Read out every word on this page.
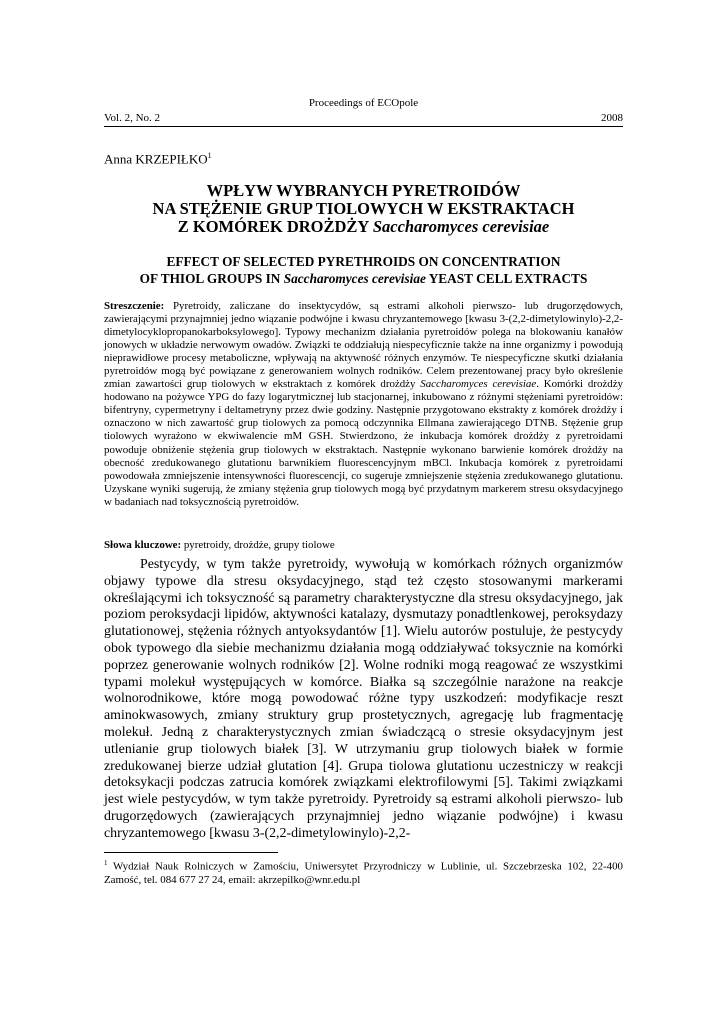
Proceedings of ECOpole
Vol. 2, No. 2	2008
Anna KRZEPIŁKO$^1$
WPŁYW WYBRANYCH PYRETROIDÓW
NA STĘŻENIE GRUP TIOLOWYCH W EKSTRAKTACH
Z KOMÓREK DROŻDŻY Saccharomyces cerevisiae
EFFECT OF SELECTED PYRETHROIDS ON CONCENTRATION
OF THIOL GROUPS IN Saccharomyces cerevisiae YEAST CELL EXTRACTS
Streszczenie: Pyretroidy, zaliczane do insektycydów, są estrami alkoholi pierwszo- lub drugorzędowych, zawierającymi przynajmniej jedno wiązanie podwójne i kwasu chryzantemowego [kwasu 3-(2,2-dimetylowinylo)-2,2-dimetylocyklopropanokarboksylowego]. Typowy mechanizm działania pyretroidów polega na blokowaniu kanałów jonowych w układzie nerwowym owadów. Związki te oddziałują niespecyficznie także na inne organizmy i powodują nieprawidłowe procesy metaboliczne, wpływają na aktywność różnych enzymów. Te niespecyficzne skutki działania pyretroidów mogą być powiązane z generowaniem wolnych rodników. Celem prezentowanej pracy było określenie zmian zawartości grup tiolowych w ekstraktach z komórek drożdży Saccharomyces cerevisiae. Komórki drożdży hodowano na pożywce YPG do fazy logarytmicznej lub stacjonarnej, inkubowano z różnymi stężeniami pyretroidów: bifentryny, cypermetryny i deltametryny przez dwie godziny. Następnie przygotowano ekstrakty z komórek drożdży i oznaczono w nich zawartość grup tiolowych za pomocą odczynnika Ellmana zawierającego DTNB. Stężenie grup tiolowych wyrażono w ekwiwalencie mM GSH. Stwierdzono, że inkubacja komórek drożdży z pyretroidami powoduje obniżenie stężenia grup tiolowych w ekstraktach. Następnie wykonano barwienie komórek drożdży na obecność zredukowanego glutationu barwnikiem fluorescencyjnym mBCl. Inkubacja komórek z pyretroidami powodowała zmniejszenie intensywności fluorescencji, co sugeruje zmniejszenie stężenia zredukowanego glutationu. Uzyskane wyniki sugerują, że zmiany stężenia grup tiolowych mogą być przydatnym markerem stresu oksydacyjnego w badaniach nad toksycznością pyretroidów.
Słowa kluczowe: pyretroidy, drożdże, grupy tiolowe
Pestycydy, w tym także pyretroidy, wywołują w komórkach różnych organizmów objawy typowe dla stresu oksydacyjnego, stąd też często stosowanymi markerami określającymi ich toksyczność są parametry charakterystyczne dla stresu oksydacyjnego, jak poziom peroksydacji lipidów, aktywności katalazy, dysmutazy ponadtlenkowej, peroksydazy glutationowej, stężenia różnych antyoksydantów [1]. Wielu autorów postuluje, że pestycydy obok typowego dla siebie mechanizmu działania mogą oddziaływać toksycznie na komórki poprzez generowanie wolnych rodników [2]. Wolne rodniki mogą reagować ze wszystkimi typami molekuł występujących w komórce. Białka są szczególnie narażone na reakcje wolnorodnikowe, które mogą powodować różne typy uszkodzeń: modyfikacje reszt aminokwasowych, zmiany struktury grup prostetycznych, agregację lub fragmentację molekuł. Jedną z charakterystycznych zmian świadczącą o stresie oksydacyjnym jest utlenianie grup tiolowych białek [3]. W utrzymaniu grup tiolowych białek w formie zredukowanej bierze udział glutation [4]. Grupa tiolowa glutationu uczestniczy w reakcji detoksykacji podczas zatrucia komórek związkami elektrofilowymi [5]. Takimi związkami jest wiele pestycydów, w tym także pyretroidy. Pyretroidy są estrami alkoholi pierwszo- lub drugorzędowych (zawierających przynajmniej jedno wiązanie podwójne) i kwasu chryzantemowego [kwasu 3-(2,2-dimetylowinylo)-2,2-
$^1$ Wydział Nauk Rolniczych w Zamościu, Uniwersytet Przyrodniczy w Lublinie, ul. Szczebrzeska 102, 22-400 Zamość, tel. 084 677 27 24, email: akrzepilko@wnr.edu.pl
